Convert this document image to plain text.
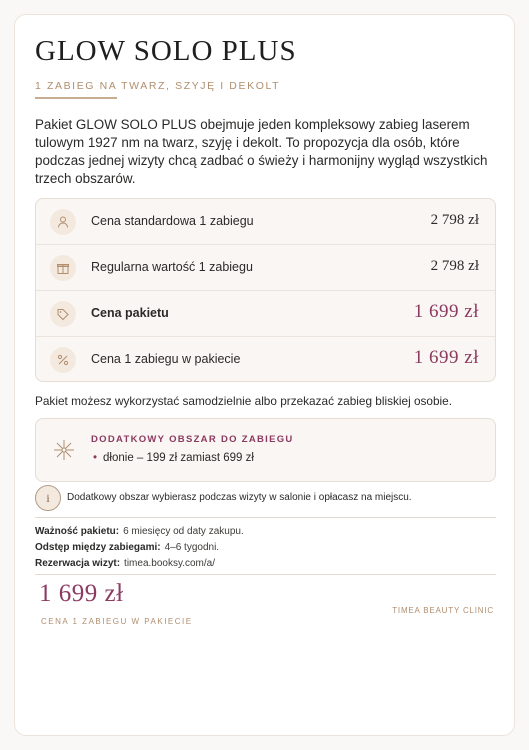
GLOW SOLO PLUS
1 ZABIEG NA TWARZ, SZYJĘ I DEKOLT
Pakiet GLOW SOLO PLUS obejmuje jeden kompleksowy zabieg laserem tulowym 1927 nm na twarz, szyję i dekolt. To propozycja dla osób, które podczas jednej wizyty chcą zadbać o świeży i harmonijny wygląd wszystkich trzech obszarów.
Cena standardowa 1 zabiegu	2 798 zł
Regularna wartość 1 zabiegu	2 798 zł
Cena pakietu	1 699 zł
Cena 1 zabiegu w pakiecie	1 699 zł
Pakiet możesz wykorzystać samodzielnie albo przekazać zabieg bliskiej osobie.
DODATKOWY OBSZAR DO ZABIEGU
• dłonie – 199 zł zamiast 699 zł
i	Dodatkowy obszar wybierasz podczas wizyty w salonie i opłacasz na miejscu.
Ważność pakietu: 6 miesięcy od daty zakupu.
Odstęp między zabiegami: 4–6 tygodni.
Rezerwacja wizyt: timea.booksy.com/a/
1 699 zł
CENA 1 ZABIEGU W PAKIECIE
TIMEA BEAUTY CLINIC
